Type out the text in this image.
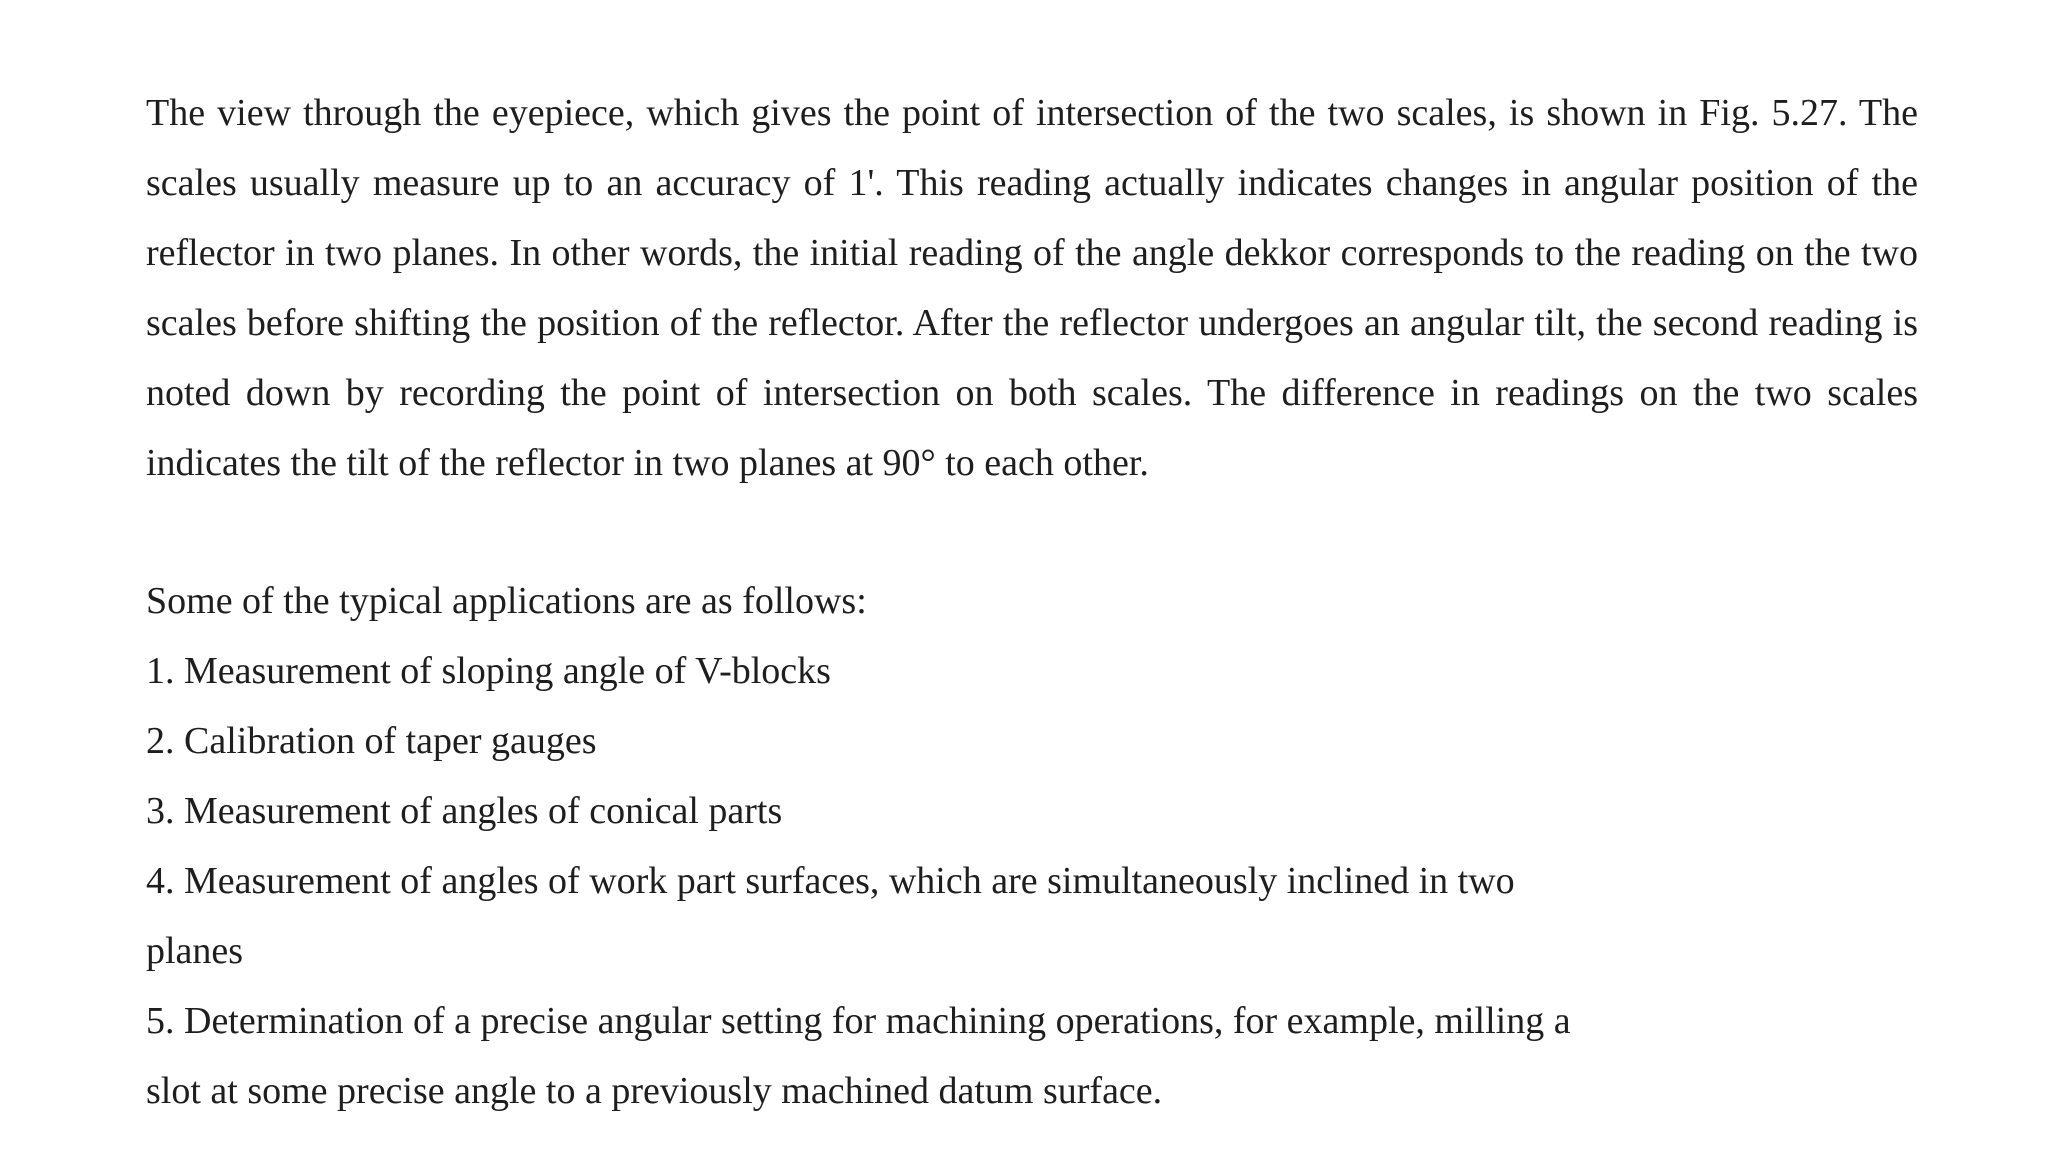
The view through the eyepiece, which gives the point of intersection of the two scales, is shown in Fig. 5.27. The scales usually measure up to an accuracy of 1'. This reading actually indicates changes in angular position of the reflector in two planes. In other words, the initial reading of the angle dekkor corresponds to the reading on the two scales before shifting the position of the reflector. After the reflector undergoes an angular tilt, the second reading is noted down by recording the point of intersection on both scales. The difference in readings on the two scales indicates the tilt of the reflector in two planes at 90° to each other.

Some of the typical applications are as follows:

1. Measurement of sloping angle of V-blocks
2. Calibration of taper gauges
3. Measurement of angles of conical parts
4. Measurement of angles of work part surfaces, which are simultaneously inclined in two planes
5. Determination of a precise angular setting for machining operations, for example, milling a slot at some precise angle to a previously machined datum surface.
